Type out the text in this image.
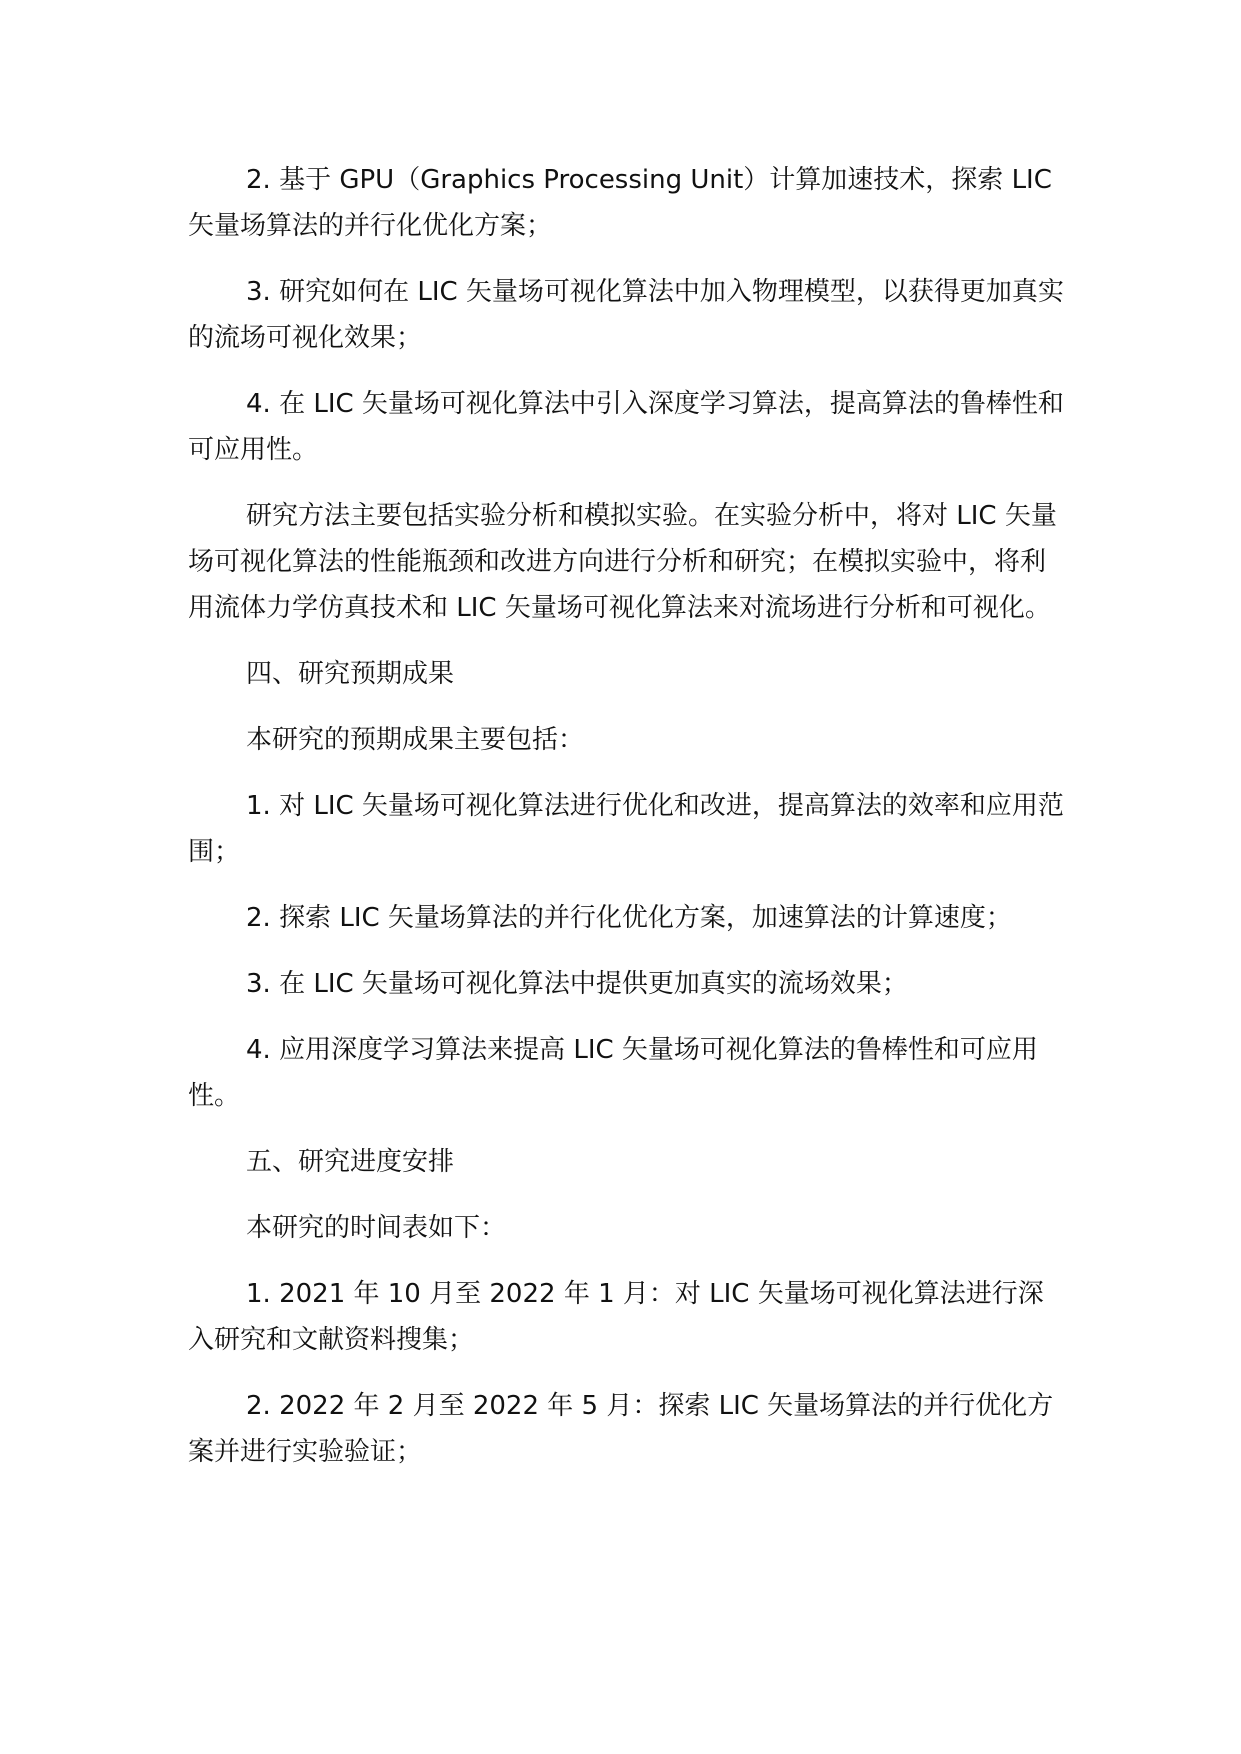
2. 基于 GPU（Graphics Processing Unit）计算加速技术，探索 LIC 矢量场算法的并行化优化方案；

3. 研究如何在 LIC 矢量场可视化算法中加入物理模型，以获得更加真实的流场可视化效果；

4. 在 LIC 矢量场可视化算法中引入深度学习算法，提高算法的鲁棒性和可应用性。

研究方法主要包括实验分析和模拟实验。在实验分析中，将对 LIC 矢量场可视化算法的性能瓶颈和改进方向进行分析和研究；在模拟实验中，将利用流体力学仿真技术和 LIC 矢量场可视化算法来对流场进行分析和可视化。

四、研究预期成果

本研究的预期成果主要包括：

1. 对 LIC 矢量场可视化算法进行优化和改进，提高算法的效率和应用范围；

2. 探索 LIC 矢量场算法的并行化优化方案，加速算法的计算速度；

3. 在 LIC 矢量场可视化算法中提供更加真实的流场效果；

4. 应用深度学习算法来提高 LIC 矢量场可视化算法的鲁棒性和可应用性。

五、研究进度安排

本研究的时间表如下：

1. 2021 年 10 月至 2022 年 1 月：对 LIC 矢量场可视化算法进行深入研究和文献资料搜集；

2. 2022 年 2 月至 2022 年 5 月：探索 LIC 矢量场算法的并行优化方案并进行实验验证；
